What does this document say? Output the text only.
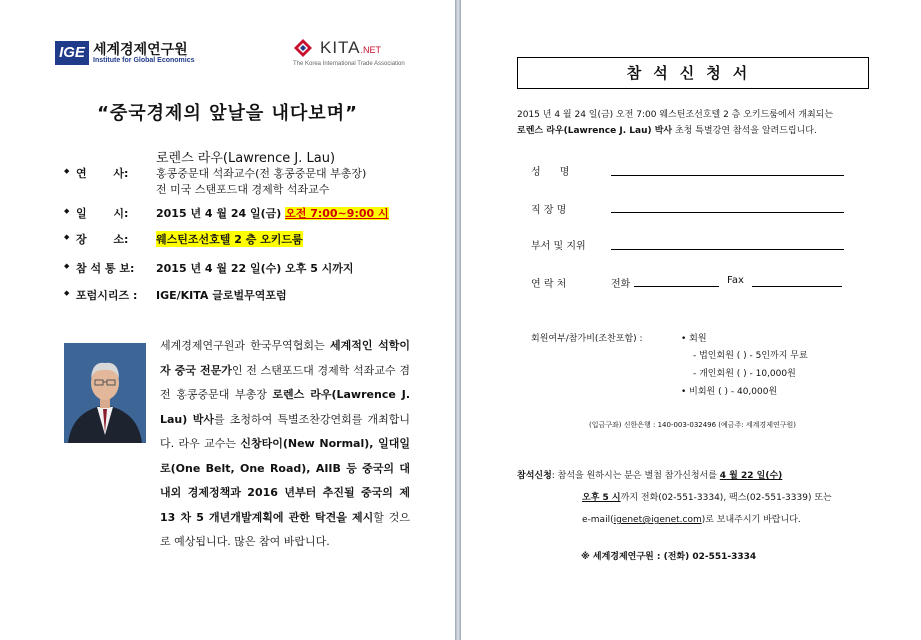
IGE 세계경제연구원
Institute for Global Economics
KITA.NET
The Korea International Trade Association
“중국경제의 앞날을 내다보며”
◆ 연       사:
로렌스 라우(Lawrence J. Lau)
홍콩중문대 석좌교수(전 홍콩중문대 부총장)
전 미국 스탠포드대 경제학 석좌교수
◆ 일       시:	2015 년 4 월 24 일(금) 오전 7:00~9:00 시
◆ 장       소:	웨스틴조선호텔 2 층 오키드룸
◆ 참 석 통 보: 2015 년 4 월 22 일(수) 오후 5 시까지
◆ 포럼시리즈 : IGE/KITA 글로벌무역포럼
세계경제연구원과 한국무역협회는 세계적인 석학이자 중국 전문가인 전 스탠포드대 경제학 석좌교수 겸 전 홍콩중문대 부총장 로렌스 라우(Lawrence J. Lau) 박사를 초청하여 특별조찬강연회를 개최합니다. 라우 교수는 신창타이(New Normal), 일대일로(One Belt, One Road), AIIB 등 중국의 대내외 경제정책과 2016 년부터 추진될 중국의 제 13 차 5 개년개발계획에 관한 탁견을 제시할 것으로 예상됩니다. 많은 참여 바랍니다.
참석신청서
2015 년 4 월 24 일(금) 오전 7:00 웨스틴조선호텔 2 층 오키드룸에서 개최되는
로렌스 라우(Lawrence J. Lau) 박사 초청 특별강연 참석을 알려드립니다.
성      명
직 장 명
부서 및 지위
연 락 처	전화	Fax
회원여부/참가비(조찬포함) :	• 회원
- 법인회원 ( ) - 5인까지 무료
- 개인회원 ( ) - 10,000원
• 비회원 ( ) - 40,000원
(입금구좌) 신한은행 : 140-003-032496 (예금주: 세계경제연구원)
참석신청: 참석을 원하시는 분은 별첨 참가신청서를 4 월 22 일(수)
오후 5 시까지 전화(02-551-3334), 팩스(02-551-3339) 또는
e-mail(igenet@igenet.com)로 보내주시기 바랍니다.
※ 세계경제연구원 : (전화) 02-551-3334
